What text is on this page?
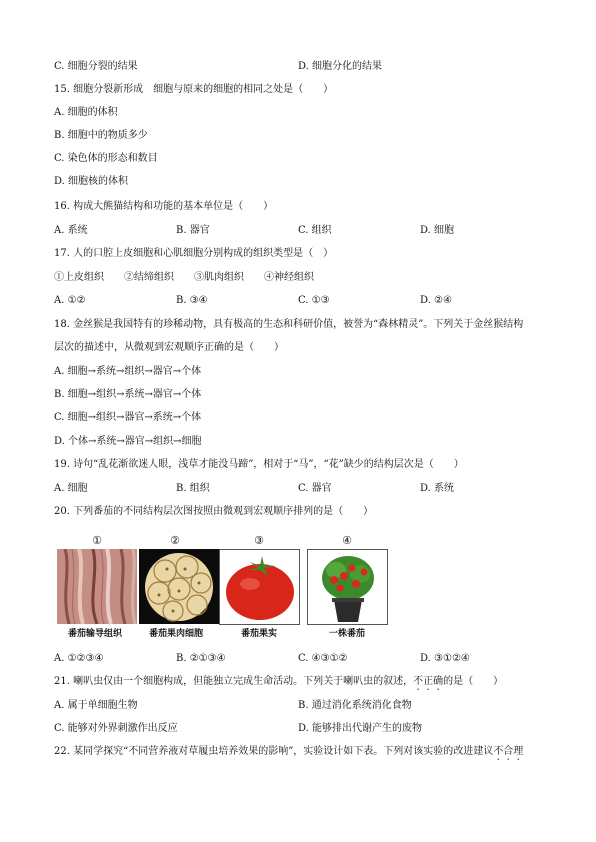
C. 细胞分裂的结果	D. 细胞分化的结果
15. 细胞分裂新形成　细胞与原来的细胞的相同之处是（　　）
A. 细胞的体积
B. 细胞中的物质多少
C. 染色体的形态和数目
D. 细胞核的体积
16. 构成大熊猫结构和功能的基本单位是（　　）
A. 系统	B. 器官	C. 组织	D. 细胞
17. 人的口腔上皮细胞和心肌细胞分别构成的组织类型是（　）
①上皮组织　　②结缔组织　　③肌肉组织　　④神经组织
A. ①②	B. ③④	C. ①③	D. ②④
18. 金丝猴是我国特有的珍稀动物，具有极高的生态和科研价值，被誉为“森林精灵”。下列关于金丝猴结构
层次的描述中，从微观到宏观顺序正确的是（　　）
A. 细胞→系统→组织→器官→个体
B. 细胞→组织→系统→器官→个体
C. 细胞→组织→器官→系统→个体
D. 个体→系统→器官→组织→细胞
19. 诗句“乱花渐欲迷人眼，浅草才能没马蹄”，相对于“马”，“花”缺少的结构层次是（　　）
A. 细胞	B. 组织	C. 器官	D. 系统
20. 下列番茄的不同结构层次图按照由微观到宏观顺序排列的是（　　）
①	②	③	④
番茄输导组织	番茄果肉细胞	番茄果实	一株番茄
A. ①②③④	B. ②①③④	C. ④③①②	D. ③①②④
21. 喇叭虫仅由一个细胞构成，但能独立完成生命活动。下列关于喇叭虫的叙述，不正确的是（　　）
A. 属于单细胞生物	B. 通过消化系统消化食物
C. 能够对外界刺激作出反应	D. 能够排出代谢产生的废物
22. 某同学探究“不同营养液对草履虫培养效果的影响”，实验设计如下表。下列对该实验的改进建议不合理
